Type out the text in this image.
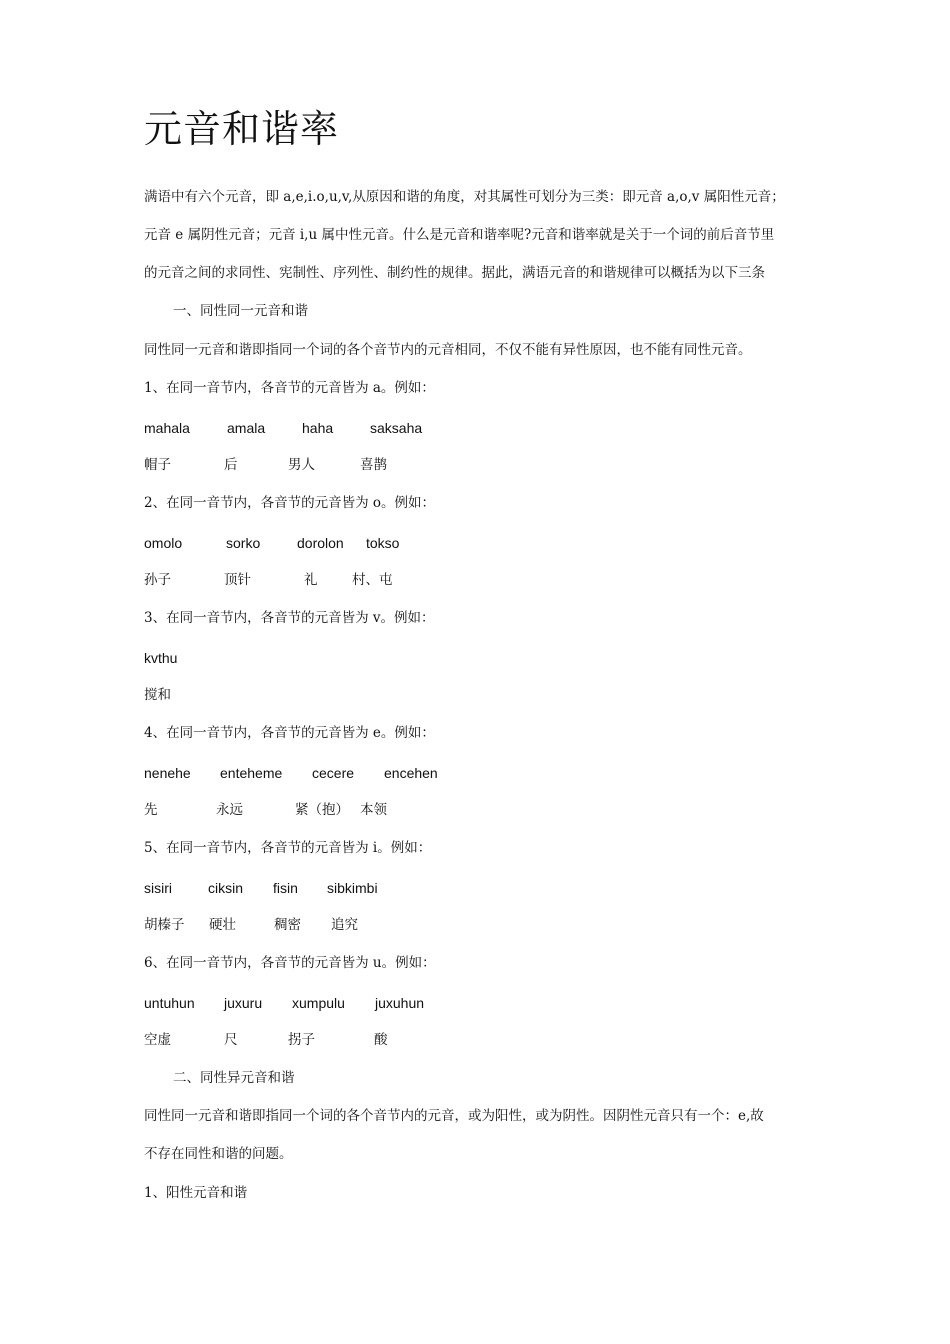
元音和谐率
满语中有六个元音，即 a,e,i.o,u,v,从原因和谐的角度，对其属性可划分为三类：即元音 a,o,v 属阳性元音；
元音 e 属阴性元音；元音 i,u 属中性元音。什么是元音和谐率呢?元音和谐率就是关于一个词的前后音节里
的元音之间的求同性、宪制性、序列性、制约性的规律。据此，满语元音的和谐规律可以概括为以下三条
一、同性同一元音和谐
同性同一元音和谐即指同一个词的各个音节内的元音相同，不仅不能有异性原因，也不能有同性元音。
1、在同一音节内，各音节的元音皆为 a。例如：
mahala	amala	haha	saksaha
帽子	后	男人	喜鹊
2、在同一音节内，各音节的元音皆为 o。例如：
omolo	sorko	dorolon tokso
孙子	顶针	礼	村、屯
3、在同一音节内，各音节的元音皆为 v。例如：
kvthu
搅和
4、在同一音节内，各音节的元音皆为 e。例如：
nenehe enteheme cecere encehen
先	永远	紧（抱） 本领
5、在同一音节内，各音节的元音皆为 i。例如：
sisiri	ciksin fisin sibkimbi
胡榛子 硬壮	稠密 追究
6、在同一音节内，各音节的元音皆为 u。例如：
untuhun juxuru xumpulu juxuhun
空虚	尺	拐子	酸
二、同性异元音和谐
同性同一元音和谐即指同一个词的各个音节内的元音，或为阳性，或为阴性。因阴性元音只有一个：e,故
不存在同性和谐的问题。
1、阳性元音和谐
